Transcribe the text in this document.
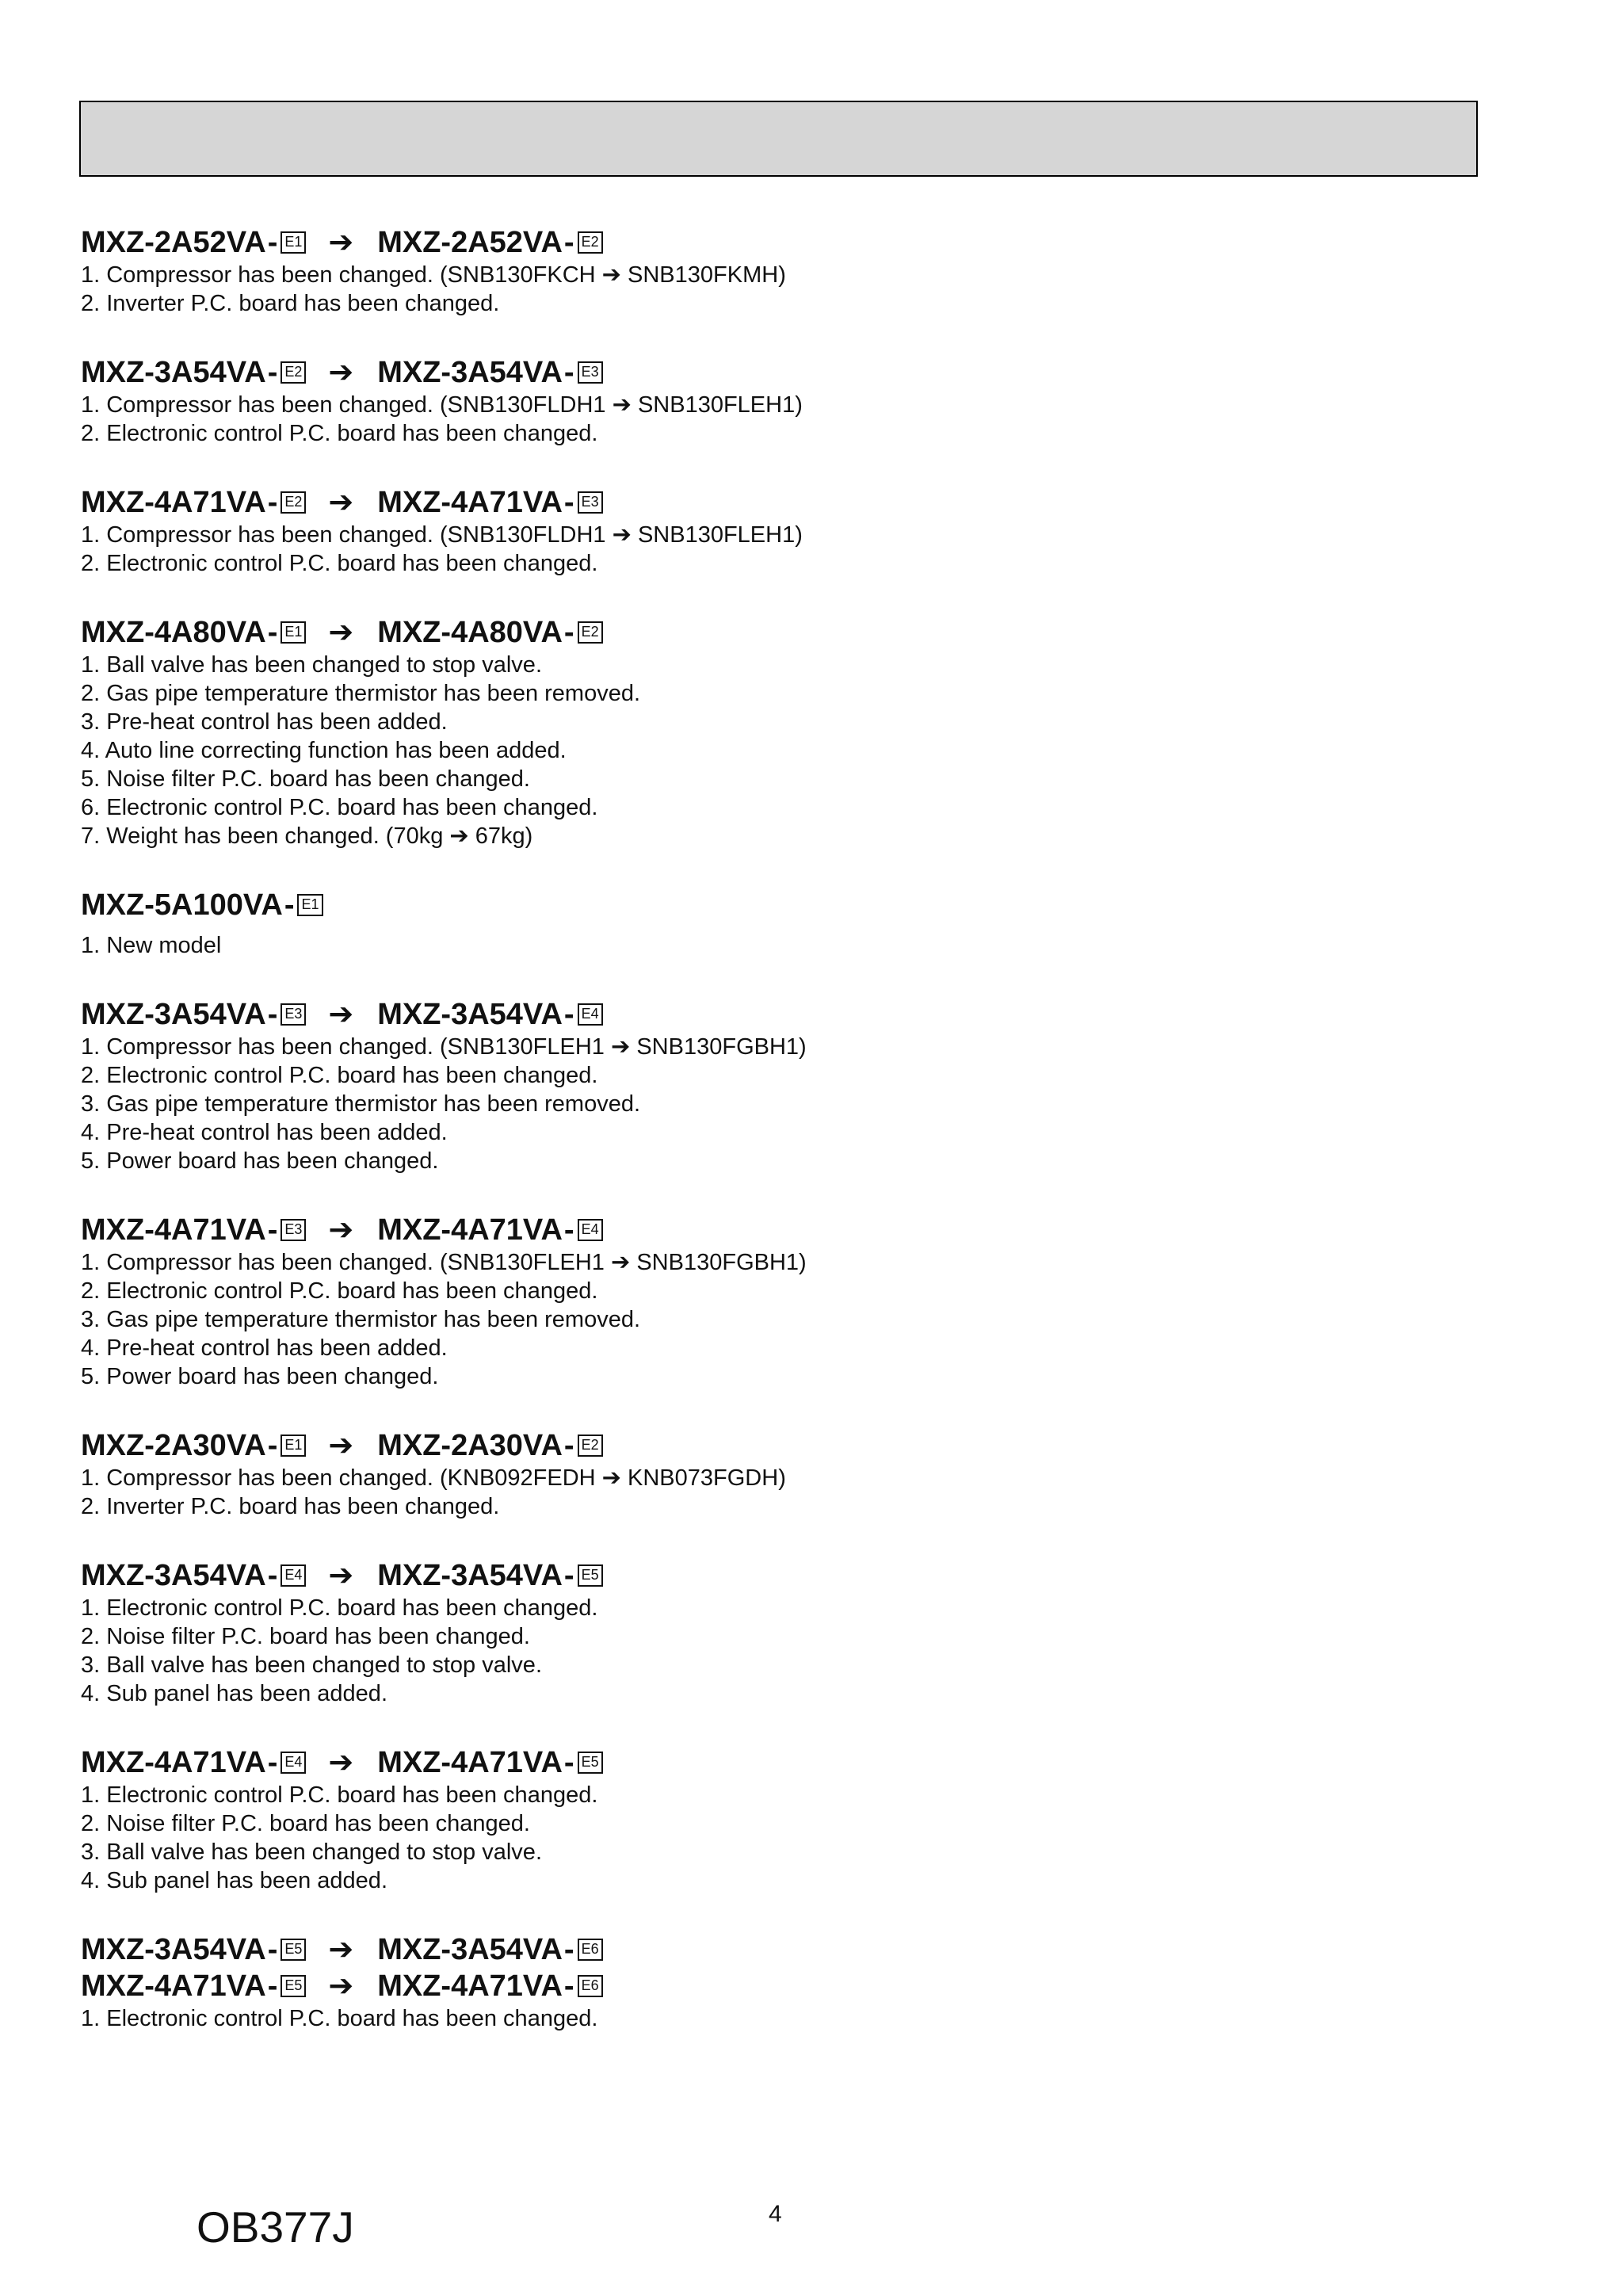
MXZ-2A52VA - E1 ➔ MXZ-2A52VA - E2
1. Compressor has been changed. (SNB130FKCH ➔ SNB130FKMH)
2. Inverter P.C. board has been changed.
MXZ-3A54VA - E2 ➔ MXZ-3A54VA - E3
1. Compressor has been changed. (SNB130FLDH1 ➔ SNB130FLEH1)
2. Electronic control P.C. board has been changed.
MXZ-4A71VA - E2 ➔ MXZ-4A71VA - E3
1. Compressor has been changed. (SNB130FLDH1 ➔ SNB130FLEH1)
2. Electronic control P.C. board has been changed.
MXZ-4A80VA - E1 ➔ MXZ-4A80VA - E2
1. Ball valve has been changed to stop valve.
2. Gas pipe temperature thermistor has been removed.
3. Pre-heat control has been added.
4. Auto line correcting function has been added.
5. Noise filter P.C. board has been changed.
6. Electronic control P.C. board has been changed.
7. Weight has been changed. (70kg ➔ 67kg)
MXZ-5A100VA - E1
1. New model
MXZ-3A54VA - E3 ➔ MXZ-3A54VA - E4
1. Compressor has been changed. (SNB130FLEH1 ➔ SNB130FGBH1)
2. Electronic control P.C. board has been changed.
3. Gas pipe temperature thermistor has been removed.
4. Pre-heat control has been added.
5. Power board has been changed.
MXZ-4A71VA - E3 ➔ MXZ-4A71VA - E4
1. Compressor has been changed. (SNB130FLEH1 ➔ SNB130FGBH1)
2. Electronic control P.C. board has been changed.
3. Gas pipe temperature thermistor has been removed.
4. Pre-heat control has been added.
5. Power board has been changed.
MXZ-2A30VA - E1 ➔ MXZ-2A30VA - E2
1. Compressor has been changed. (KNB092FEDH ➔ KNB073FGDH)
2. Inverter P.C. board has been changed.
MXZ-3A54VA - E4 ➔ MXZ-3A54VA - E5
1. Electronic control P.C. board has been changed.
2. Noise filter P.C. board has been changed.
3. Ball valve has been changed to stop valve.
4. Sub panel has been added.
MXZ-4A71VA - E4 ➔ MXZ-4A71VA - E5
1. Electronic control P.C. board has been changed.
2. Noise filter P.C. board has been changed.
3. Ball valve has been changed to stop valve.
4. Sub panel has been added.
MXZ-3A54VA - E5 ➔ MXZ-3A54VA - E6
MXZ-4A71VA - E5 ➔ MXZ-4A71VA - E6
1. Electronic control P.C. board has been changed.
OB377J	4
